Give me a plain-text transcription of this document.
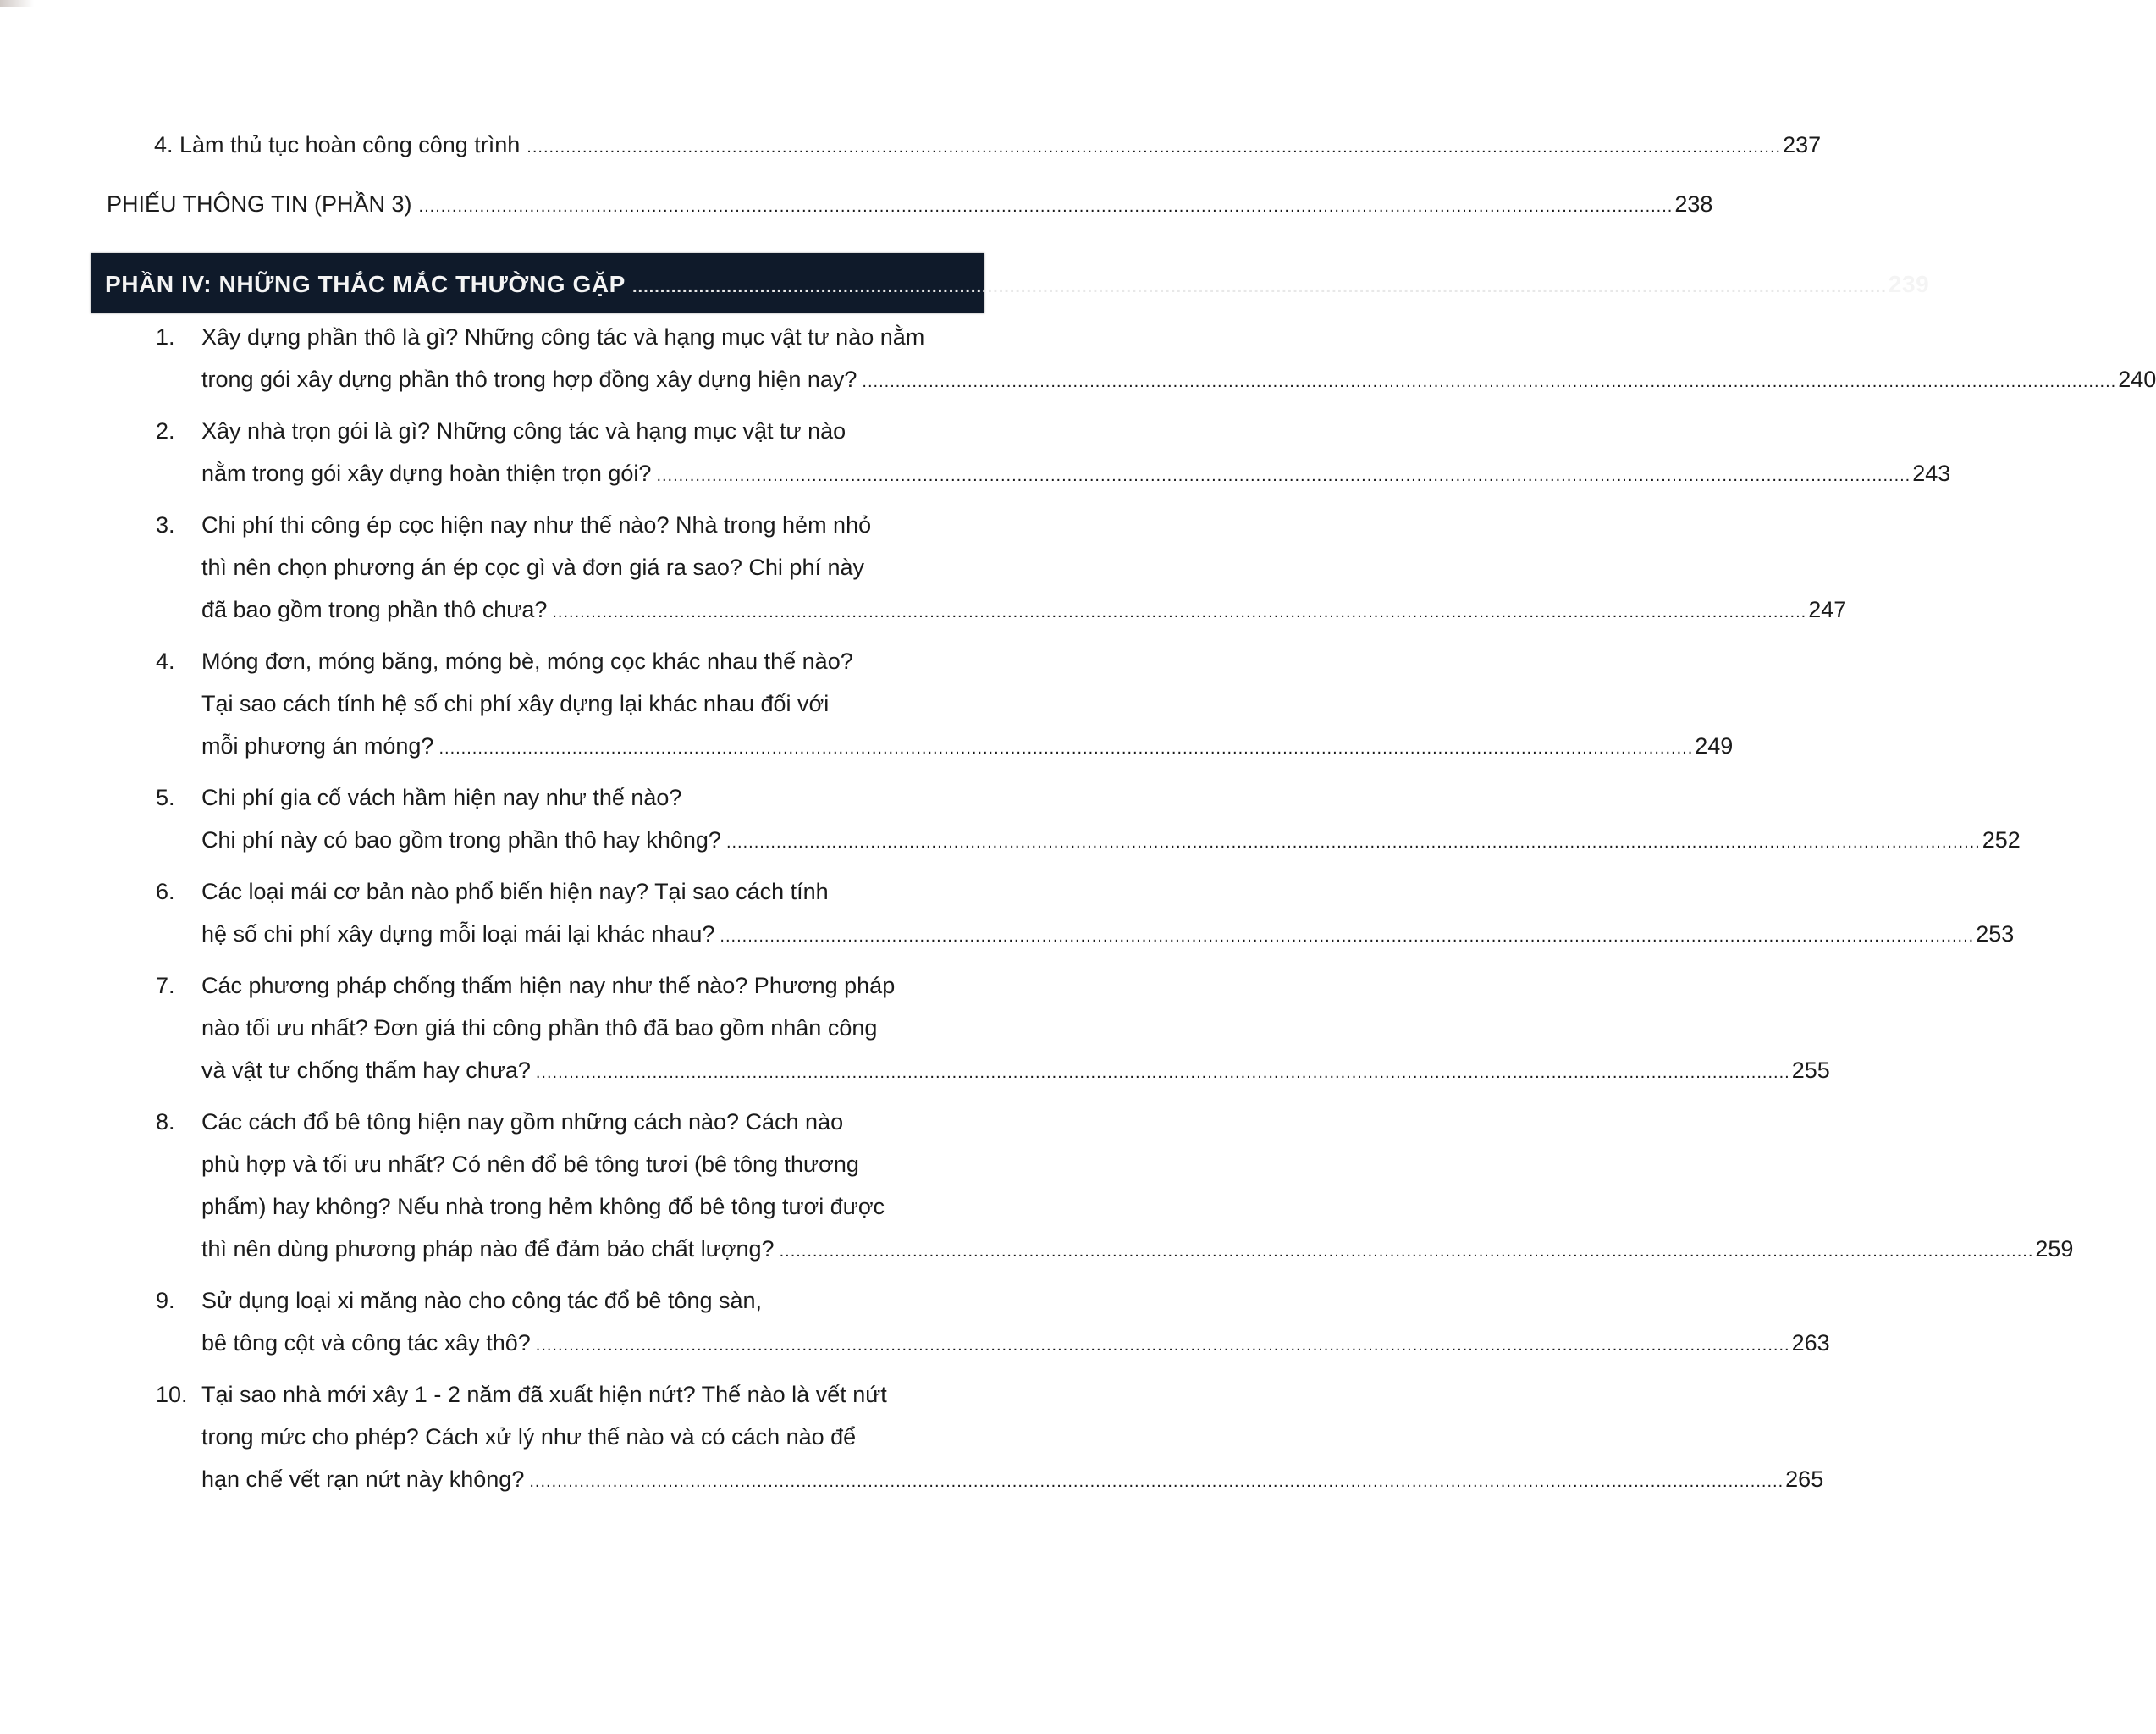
4. Làm thủ tục hoàn công công trình .....	237
PHIẾU THÔNG TIN (PHẦN 3) .....	238
PHẦN IV: NHỮNG THẮC MẮC THƯỜNG GẶP .....	239
1.	Xây dựng phần thô là gì? Những công tác và hạng mục vật tư nào nằm
trong gói xây dựng phần thô trong hợp đồng xây dựng hiện nay? .....	240
2.	Xây nhà trọn gói là gì? Những công tác và hạng mục vật tư nào
nằm trong gói xây dựng hoàn thiện trọn gói? .....	243
3.	Chi phí thi công ép cọc hiện nay như thế nào? Nhà trong hẻm nhỏ
thì nên chọn phương án ép cọc gì và đơn giá ra sao? Chi phí này
đã bao gồm trong phần thô chưa? .....	247
4.	Móng đơn, móng băng, móng bè, móng cọc khác nhau thế nào?
Tại sao cách tính hệ số chi phí xây dựng lại khác nhau đối với
mỗi phương án móng? .....	249
5.	Chi phí gia cố vách hầm hiện nay như thế nào?
Chi phí này có bao gồm trong phần thô hay không? .....	252
6.	Các loại mái cơ bản nào phổ biến hiện nay? Tại sao cách tính
hệ số chi phí xây dựng mỗi loại mái lại khác nhau? .....	253
7.	Các phương pháp chống thấm hiện nay như thế nào? Phương pháp
nào tối ưu nhất? Đơn giá thi công phần thô đã bao gồm nhân công
và vật tư chống thấm hay chưa? .....	255
8.	Các cách đổ bê tông hiện nay gồm những cách nào? Cách nào
phù hợp và tối ưu nhất? Có nên đổ bê tông tươi (bê tông thương
phẩm) hay không? Nếu nhà trong hẻm không đổ bê tông tươi được
thì nên dùng phương pháp nào để đảm bảo chất lượng? .....	259
9.	Sử dụng loại xi măng nào cho công tác đổ bê tông sàn,
bê tông cột và công tác xây thô? .....	263
10. Tại sao nhà mới xây 1 - 2 năm đã xuất hiện nứt? Thế nào là vết nứt
trong mức cho phép? Cách xử lý như thế nào và có cách nào để
hạn chế vết rạn nứt này không? .....	265
